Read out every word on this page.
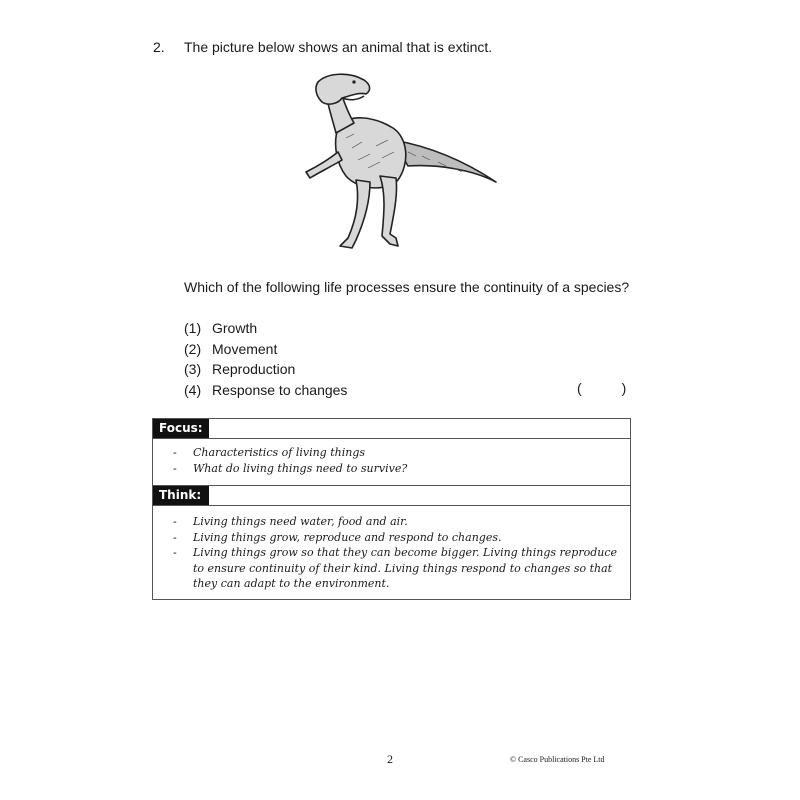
2. The picture below shows an animal that is extinct.
Which of the following life processes ensure the continuity of a species?
(1) Growth
(2) Movement
(3) Reproduction
(4) Response to changes	(	)
Focus:
- Characteristics of living things
- What do living things need to survive?
Think:
- Living things need water, food and air.
- Living things grow, reproduce and respond to changes.
- Living things grow so that they can become bigger. Living things reproduce to ensure continuity of their kind. Living things respond to changes so that they can adapt to the environment.
2	© Casco Publications Pte Ltd
